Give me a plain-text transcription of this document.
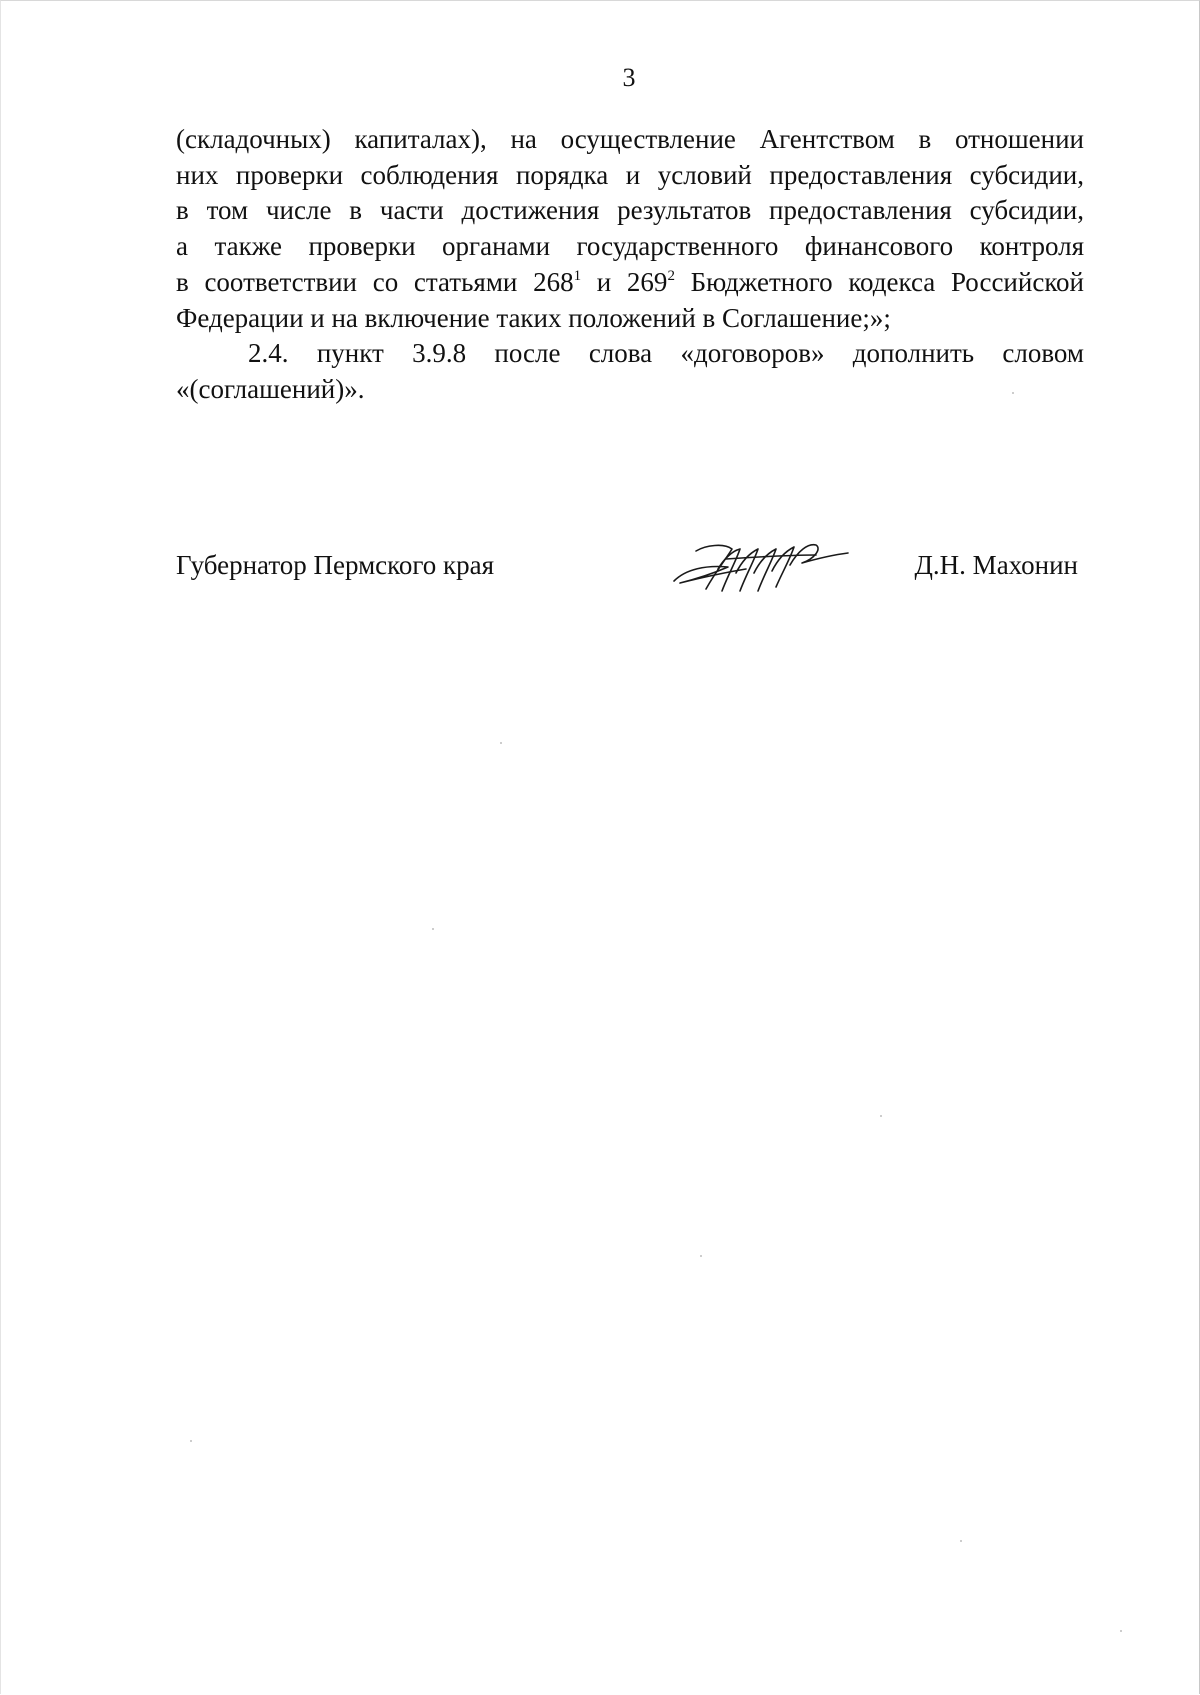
3

(складочных) капиталах), на осуществление Агентством в отношении
них проверки соблюдения порядка и условий предоставления субсидии,
в том числе в части достижения результатов предоставления субсидии,
а также проверки органами государственного финансового контроля
в соответствии со статьями $268^1$ и $269^2$ Бюджетного кодекса Российской
Федерации и на включение таких положений в Соглашение;»;

2.4. пункт 3.9.8 после слова «договоров» дополнить словом
«(соглашений)».

Губернатор Пермского края	Д.Н. Махонин
